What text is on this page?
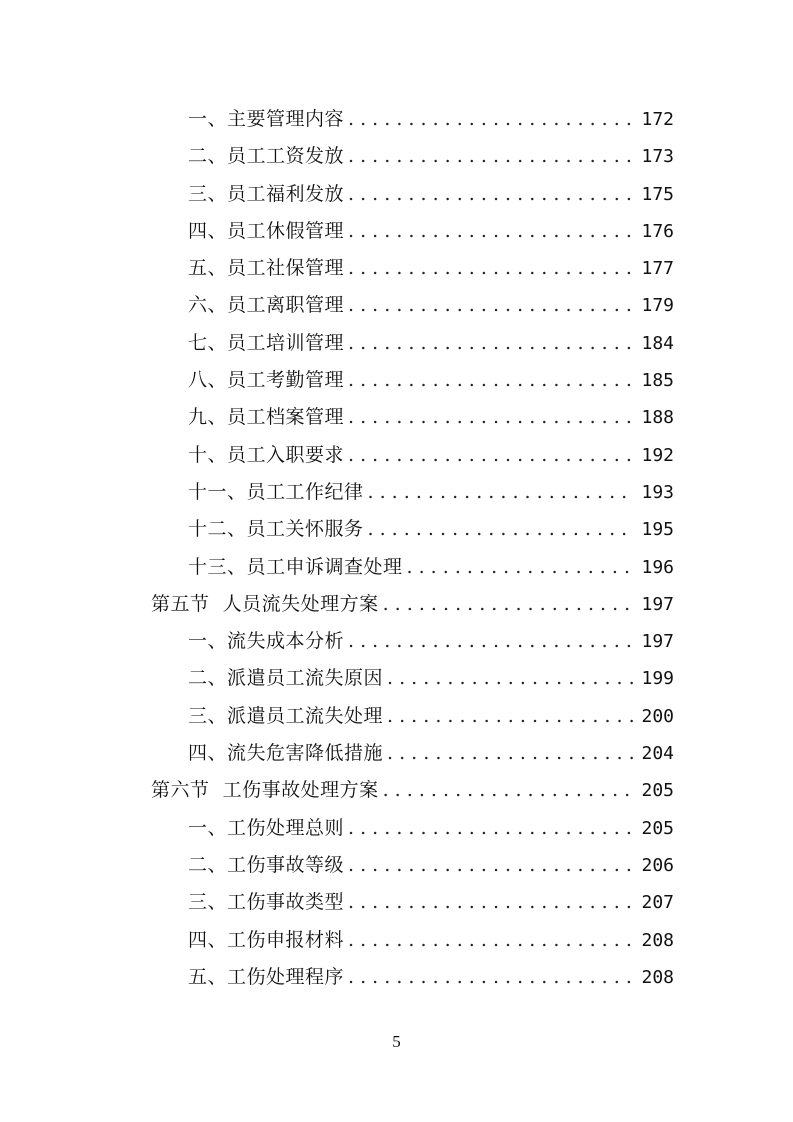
一、主要管理内容 . . .	172
二、员工工资发放 . . .	173
三、员工福利发放 . . .	175
四、员工休假管理 . . .	176
五、员工社保管理 . . .	177
六、员工离职管理 . . .	179
七、员工培训管理 . . .	184
八、员工考勤管理 . . .	185
九、员工档案管理 . . .	188
十、员工入职要求 . . .	192
十一、员工工作纪律 . . .	193
十二、员工关怀服务 . . .	195
十三、员工申诉调查处理 . . .	196
第五节  人员流失处理方案 . . .	197
一、流失成本分析 . . .	197
二、派遣员工流失原因 . . .	199
三、派遣员工流失处理 . . .	200
四、流失危害降低措施 . . .	204
第六节  工伤事故处理方案 . . .	205
一、工伤处理总则 . . .	205
二、工伤事故等级 . . .	206
三、工伤事故类型 . . .	207
四、工伤申报材料 . . .	208
五、工伤处理程序 . . .	208
5
